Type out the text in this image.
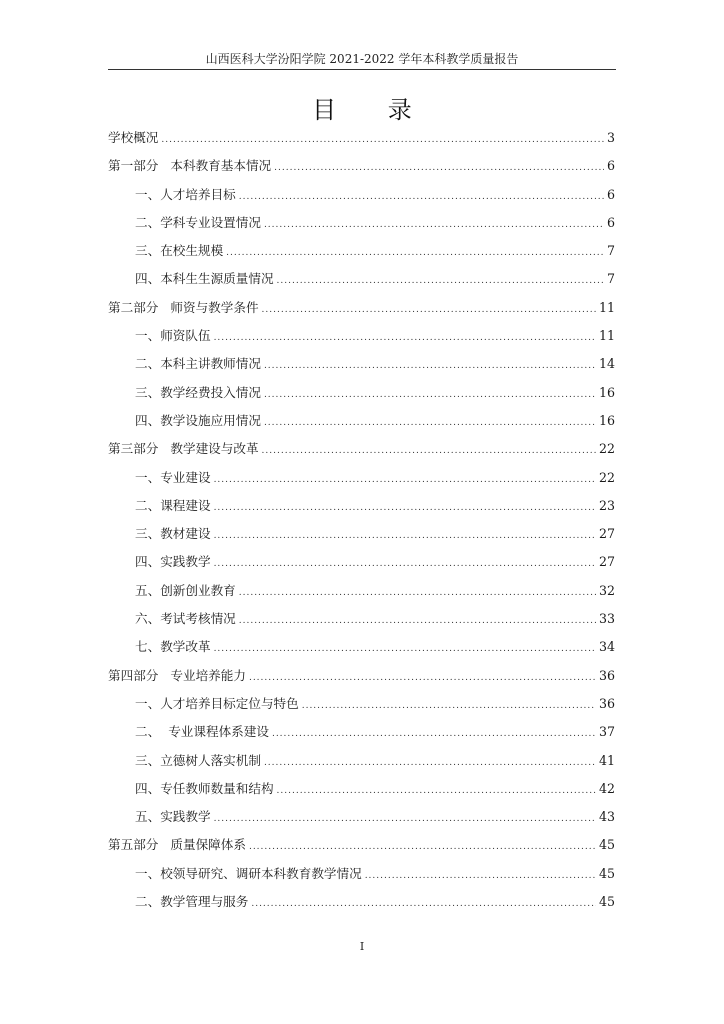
山西医科大学汾阳学院 2021-2022 学年本科教学质量报告
目 录
学校概况 .....	3
第一部分   本科教育基本情况 .....	6
一、人才培养目标 .....	6
二、学科专业设置情况 .....	6
三、在校生规模 .....	7
四、本科生生源质量情况 .....	7
第二部分   师资与教学条件 .....	11
一、师资队伍 .....	11
二、本科主讲教师情况 .....	14
三、教学经费投入情况 .....	16
四、教学设施应用情况 .....	16
第三部分   教学建设与改革 .....	22
一、专业建设 .....	22
二、课程建设 .....	23
三、教材建设 .....	27
四、实践教学 .....	27
五、创新创业教育 .....	32
六、考试考核情况 .....	33
七、教学改革 .....	34
第四部分   专业培养能力 .....	36
一、人才培养目标定位与特色 .....	36
二、  专业课程体系建设 .....	37
三、立德树人落实机制 .....	41
四、专任教师数量和结构 .....	42
五、实践教学 .....	43
第五部分   质量保障体系 .....	45
一、校领导研究、调研本科教育教学情况 .....	45
二、教学管理与服务 .....	45
I
